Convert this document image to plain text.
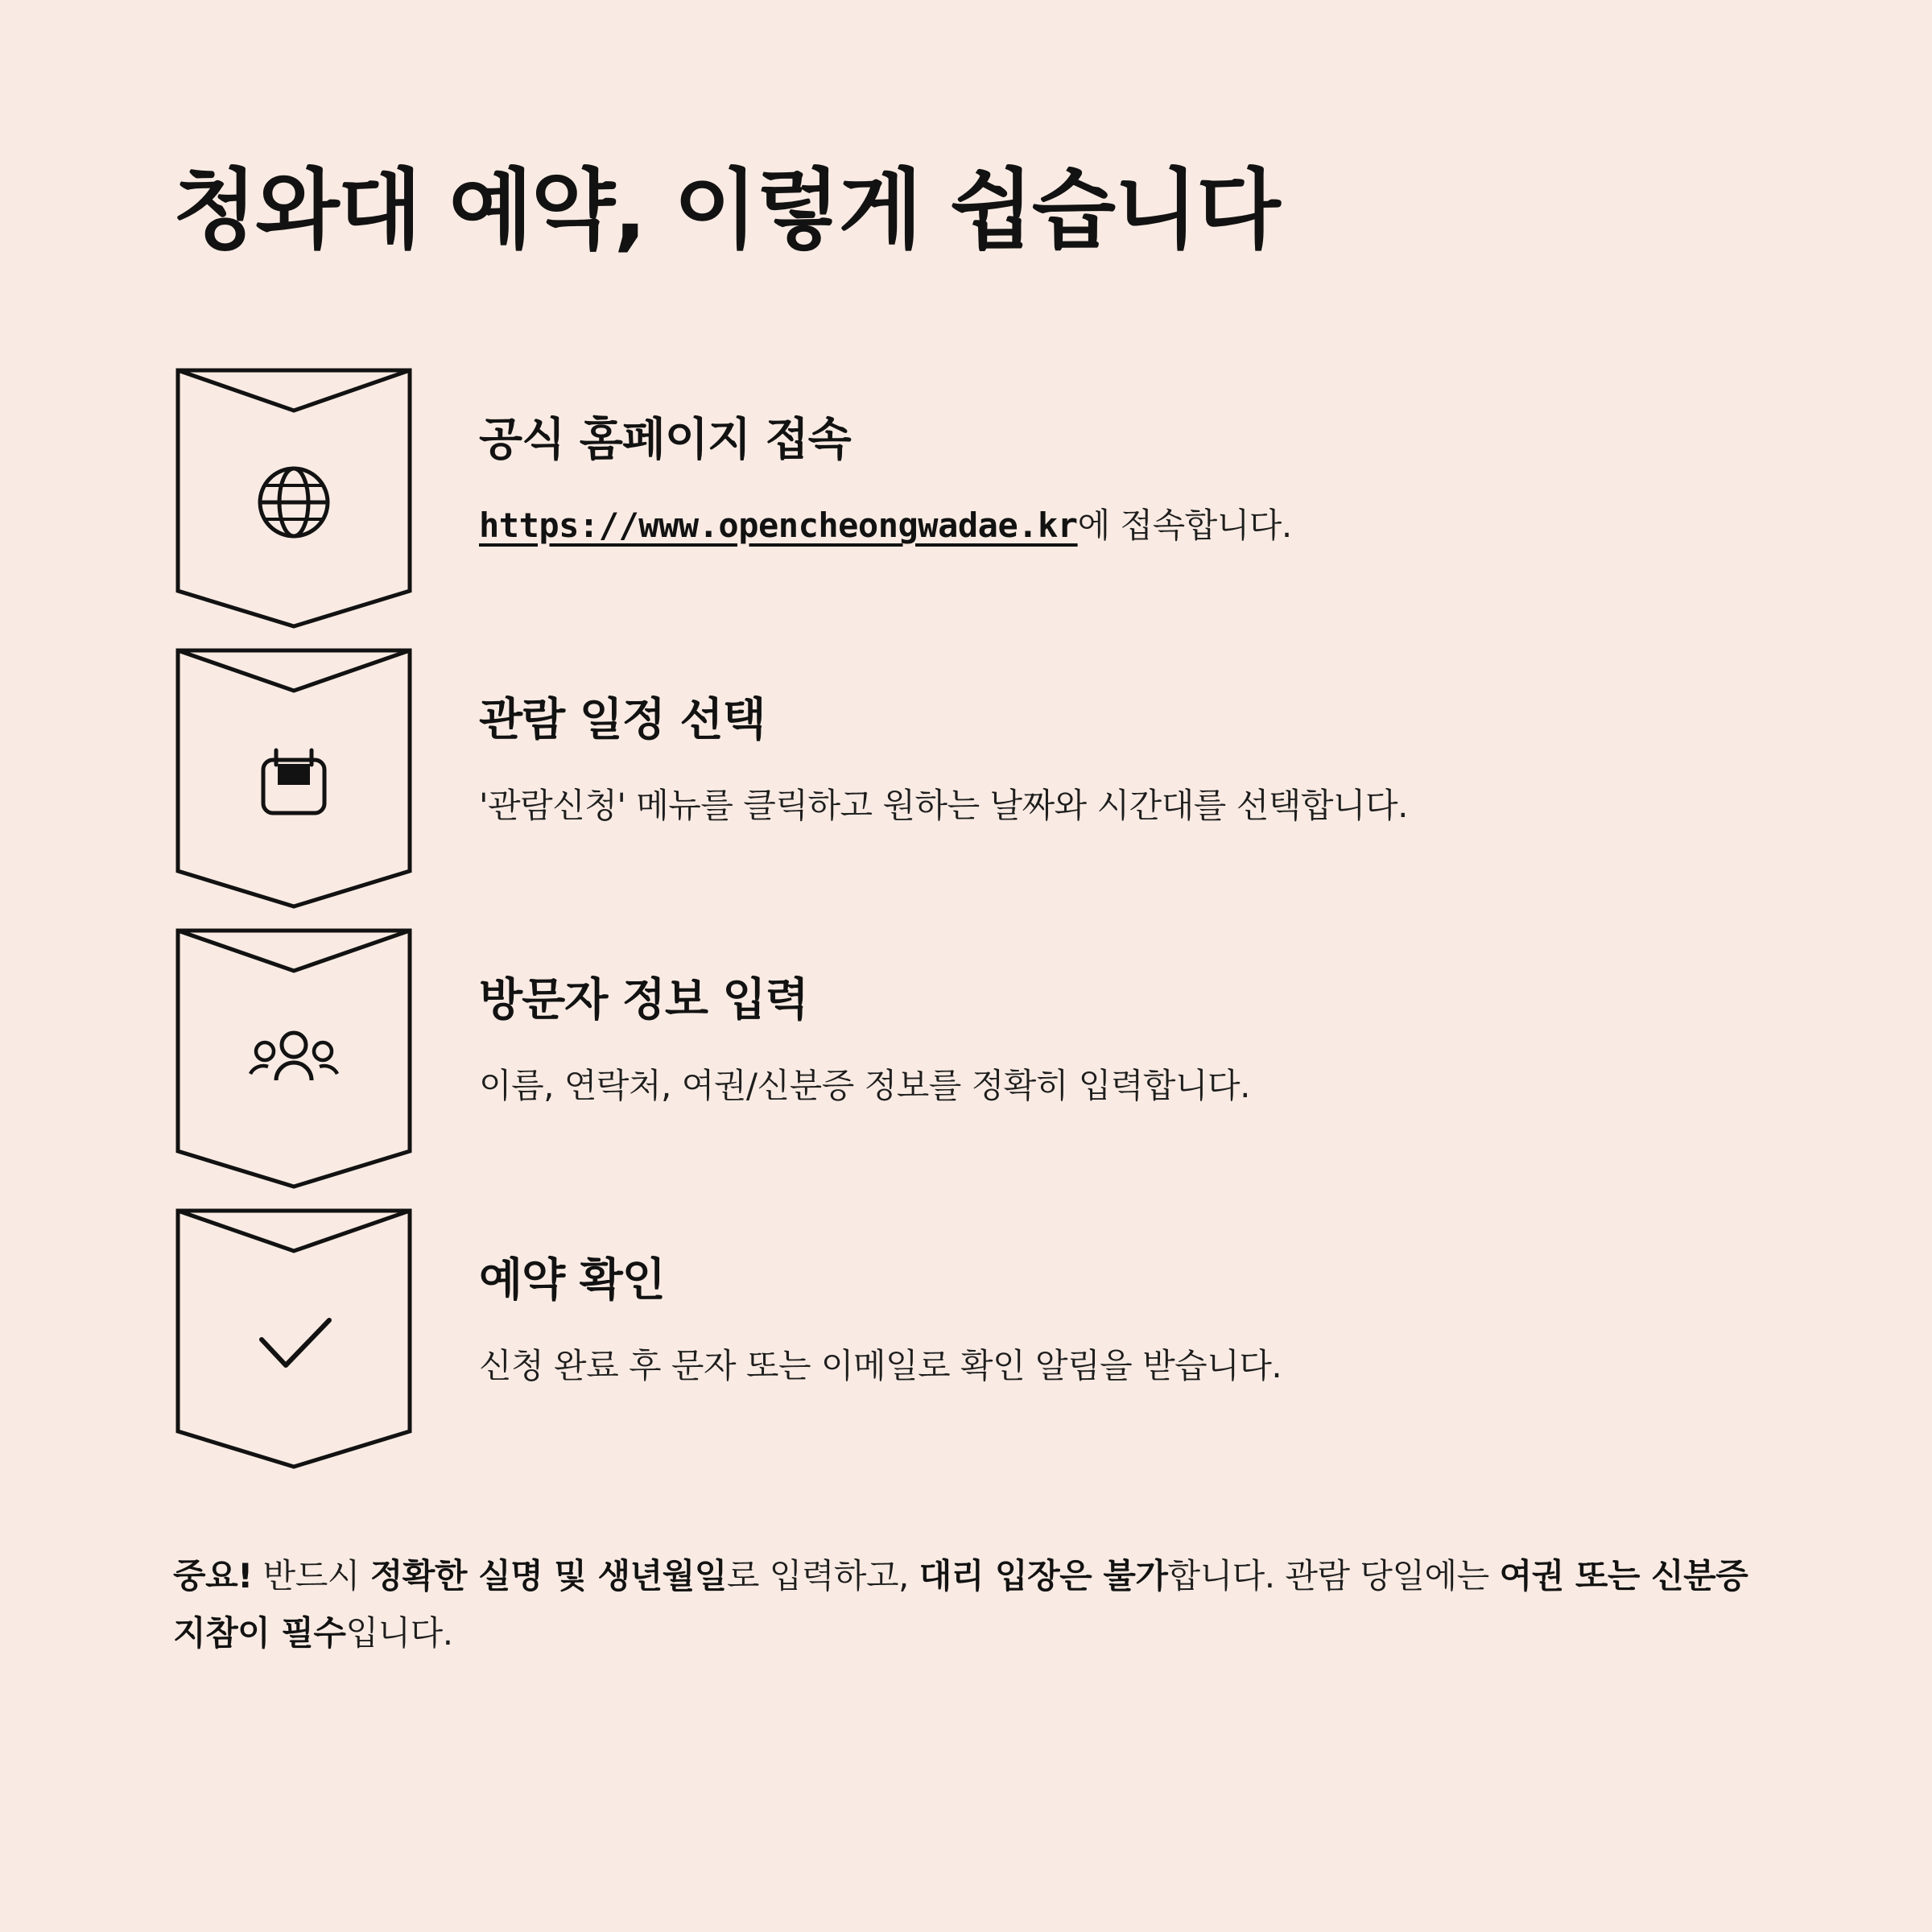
청와대 예약, 이렇게 쉽습니다
공식 홈페이지 접속

https://www.opencheongwadae.kr에 접속합니다.

관람 일정 선택

'관람신청' 메뉴를 클릭하고 원하는 날짜와 시간대를 선택합니다.

방문자 정보 입력

이름, 연락처, 여권/신분증 정보를 정확히 입력합니다.

예약 확인

신청 완료 후 문자 또는 이메일로 확인 알림을 받습니다.

중요! 반드시 정확한 실명 및 생년월일로 입력하고, 대리 입장은 불가합니다. 관람 당일에는 여권 또는 신분증 지참이 필수입니다.
